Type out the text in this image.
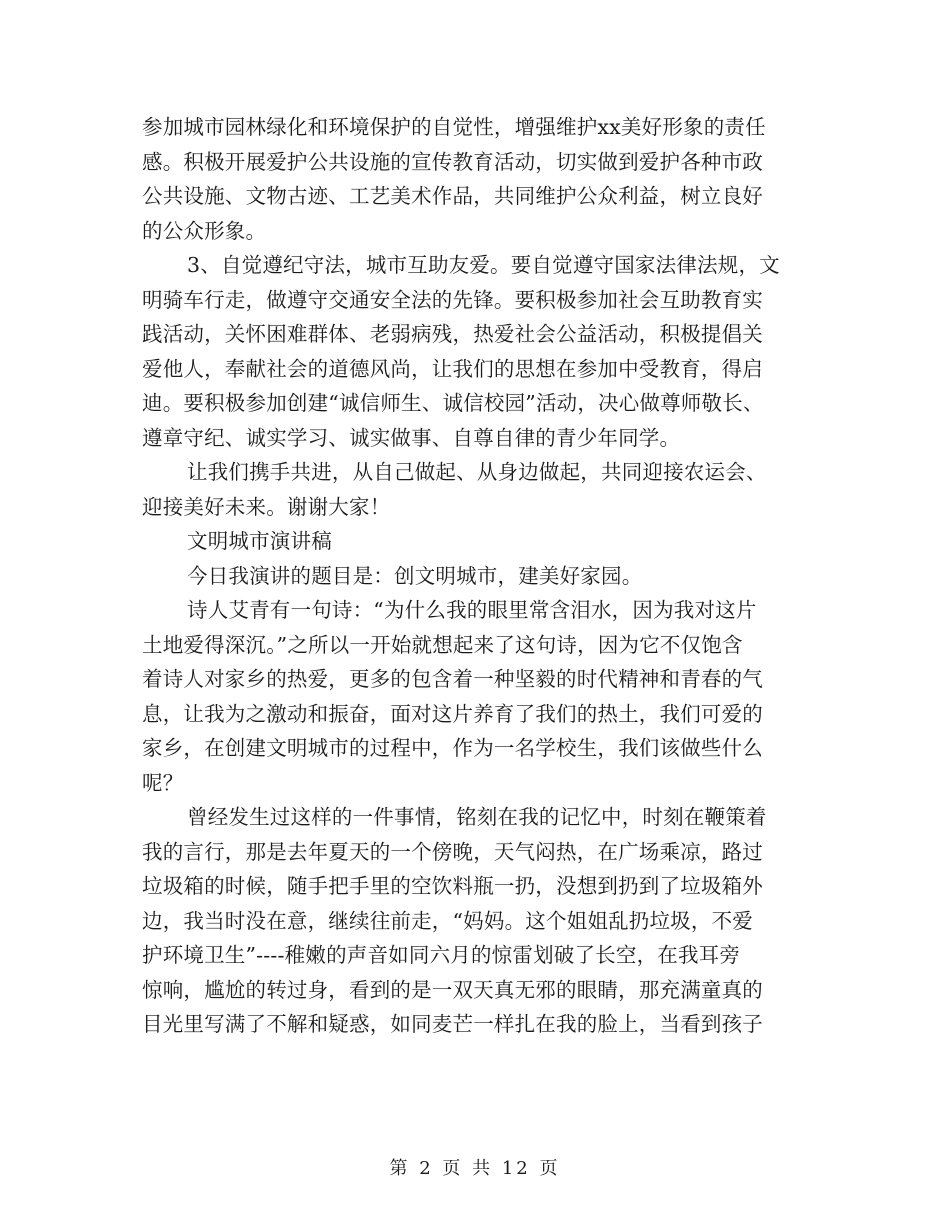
参加城市园林绿化和环境保护的自觉性，增强维护xx美好形象的责任
感。积极开展爱护公共设施的宣传教育活动，切实做到爱护各种市政
公共设施、文物古迹、工艺美术作品，共同维护公众利益，树立良好
的公众形象。
3、自觉遵纪守法，城市互助友爱。要自觉遵守国家法律法规，文
明骑车行走，做遵守交通安全法的先锋。要积极参加社会互助教育实
践活动，关怀困难群体、老弱病残，热爱社会公益活动，积极提倡关
爱他人，奉献社会的道德风尚，让我们的思想在参加中受教育，得启
迪。要积极参加创建“诚信师生、诚信校园”活动，决心做尊师敬长、
遵章守纪、诚实学习、诚实做事、自尊自律的青少年同学。
让我们携手共进，从自己做起、从身边做起，共同迎接农运会、
迎接美好未来。谢谢大家！
文明城市演讲稿
今日我演讲的题目是：创文明城市，建美好家园。
诗人艾青有一句诗：“为什么我的眼里常含泪水，因为我对这片
土地爱得深沉。”之所以一开始就想起来了这句诗，因为它不仅饱含
着诗人对家乡的热爱，更多的包含着一种坚毅的时代精神和青春的气
息，让我为之激动和振奋，面对这片养育了我们的热土，我们可爱的
家乡，在创建文明城市的过程中，作为一名学校生，我们该做些什么
呢？
曾经发生过这样的一件事情，铭刻在我的记忆中，时刻在鞭策着
我的言行，那是去年夏天的一个傍晚，天气闷热，在广场乘凉，路过
垃圾箱的时候，随手把手里的空饮料瓶一扔，没想到扔到了垃圾箱外
边，我当时没在意，继续往前走，“妈妈。这个姐姐乱扔垃圾，不爱
护环境卫生”----稚嫩的声音如同六月的惊雷划破了长空，在我耳旁
惊响，尴尬的转过身，看到的是一双天真无邪的眼睛，那充满童真的
目光里写满了不解和疑惑，如同麦芒一样扎在我的脸上，当看到孩子
第 2 页 共 12 页
